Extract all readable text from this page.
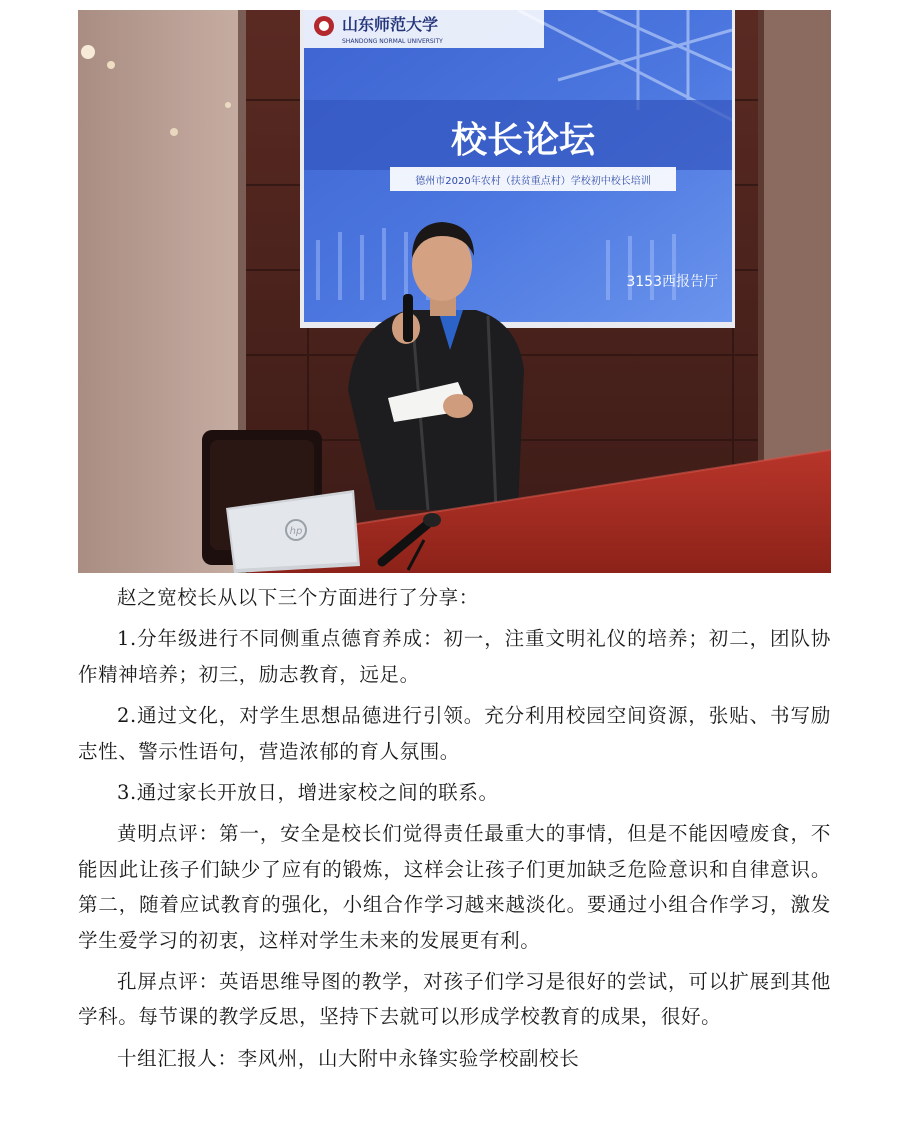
山东师范大学
SHANDONG NORMAL UNIVERSITY
校长论坛
德州市2020年农村（扶贫重点村）学校初中校长培训
3153西报告厅
hp

赵之宽校长从以下三个方面进行了分享：

1.分年级进行不同侧重点德育养成：初一，注重文明礼仪的培养；初二，团队协作精神培养；初三，励志教育，远足。

2.通过文化，对学生思想品德进行引领。充分利用校园空间资源，张贴、书写励志性、警示性语句，营造浓郁的育人氛围。

3.通过家长开放日，增进家校之间的联系。

黄明点评：第一，安全是校长们觉得责任最重大的事情，但是不能因噎废食，不能因此让孩子们缺少了应有的锻炼，这样会让孩子们更加缺乏危险意识和自律意识。第二，随着应试教育的强化，小组合作学习越来越淡化。要通过小组合作学习，激发学生爱学习的初衷，这样对学生未来的发展更有利。

孔屏点评：英语思维导图的教学，对孩子们学习是很好的尝试，可以扩展到其他学科。每节课的教学反思，坚持下去就可以形成学校教育的成果，很好。

十组汇报人：李风州，山大附中永锋实验学校副校长
